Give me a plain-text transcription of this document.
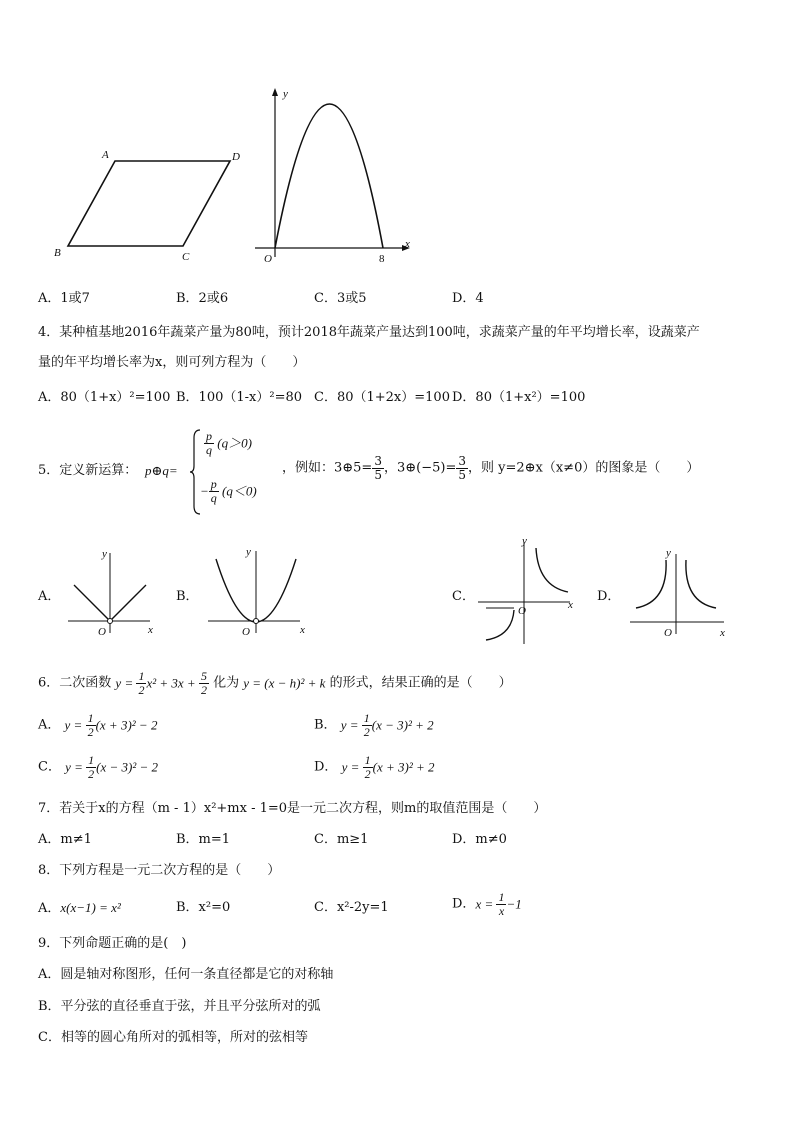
A	D
B	C
y
x
O	8
A．1或7	B．2或6	C．3或5	D．4
4．某种植基地2016年蔬菜产量为80吨，预计2018年蔬菜产量达到100吨，求蔬菜产量的年平均增长率，设蔬菜产
量的年平均增长率为x，则可列方程为（　　）
A．80（1+x）²=100 B．100（1-x）²=80 C．80（1+2x）=100 D．80（1+x²）=100
5．定义新运算： p⊕q=
$\frac{p}{q} (q>0)$
− $\frac{p}{q} (q<0)$
，例如：3⊕5= $\frac{3}{5}$ ，3⊕(−5)= $\frac{3}{5}$ ，则 y=2⊕x（x≠0）的图象是（　　）
A．
y
x
O
B．
y
x
O
C．
y
x
O
D．
y
x
O
6．二次函数 $y = \frac{1}{2} x^2 + 3x + \frac{5}{2}$ 化为 y = (x − h)² + k 的形式，结果正确的是（　　）
A． $y = \frac{1}{2} (x + 3)^2 - 2$	B． $y = \frac{1}{2} (x - 3)^2 + 2$
C． $y = \frac{1}{2} (x - 3)^2 - 2$	D． $y = \frac{1}{2} (x + 3)^2 + 2$
7．若关于x的方程（m - 1）x²+mx - 1=0是一元二次方程，则m的取值范围是（　　）
A．m≠1	B．m=1	C．m≥1	D．m≠0
8．下列方程是一元二次方程的是（　　）
A．x(x−1) = x²	B．x²=0	C．x²-2y=1	D．$x = \frac{1}{x} -1$
9．下列命题正确的是(　)
A．圆是轴对称图形，任何一条直径都是它的对称轴
B．平分弦的直径垂直于弦，并且平分弦所对的弧
C．相等的圆心角所对的弧相等，所对的弦相等
